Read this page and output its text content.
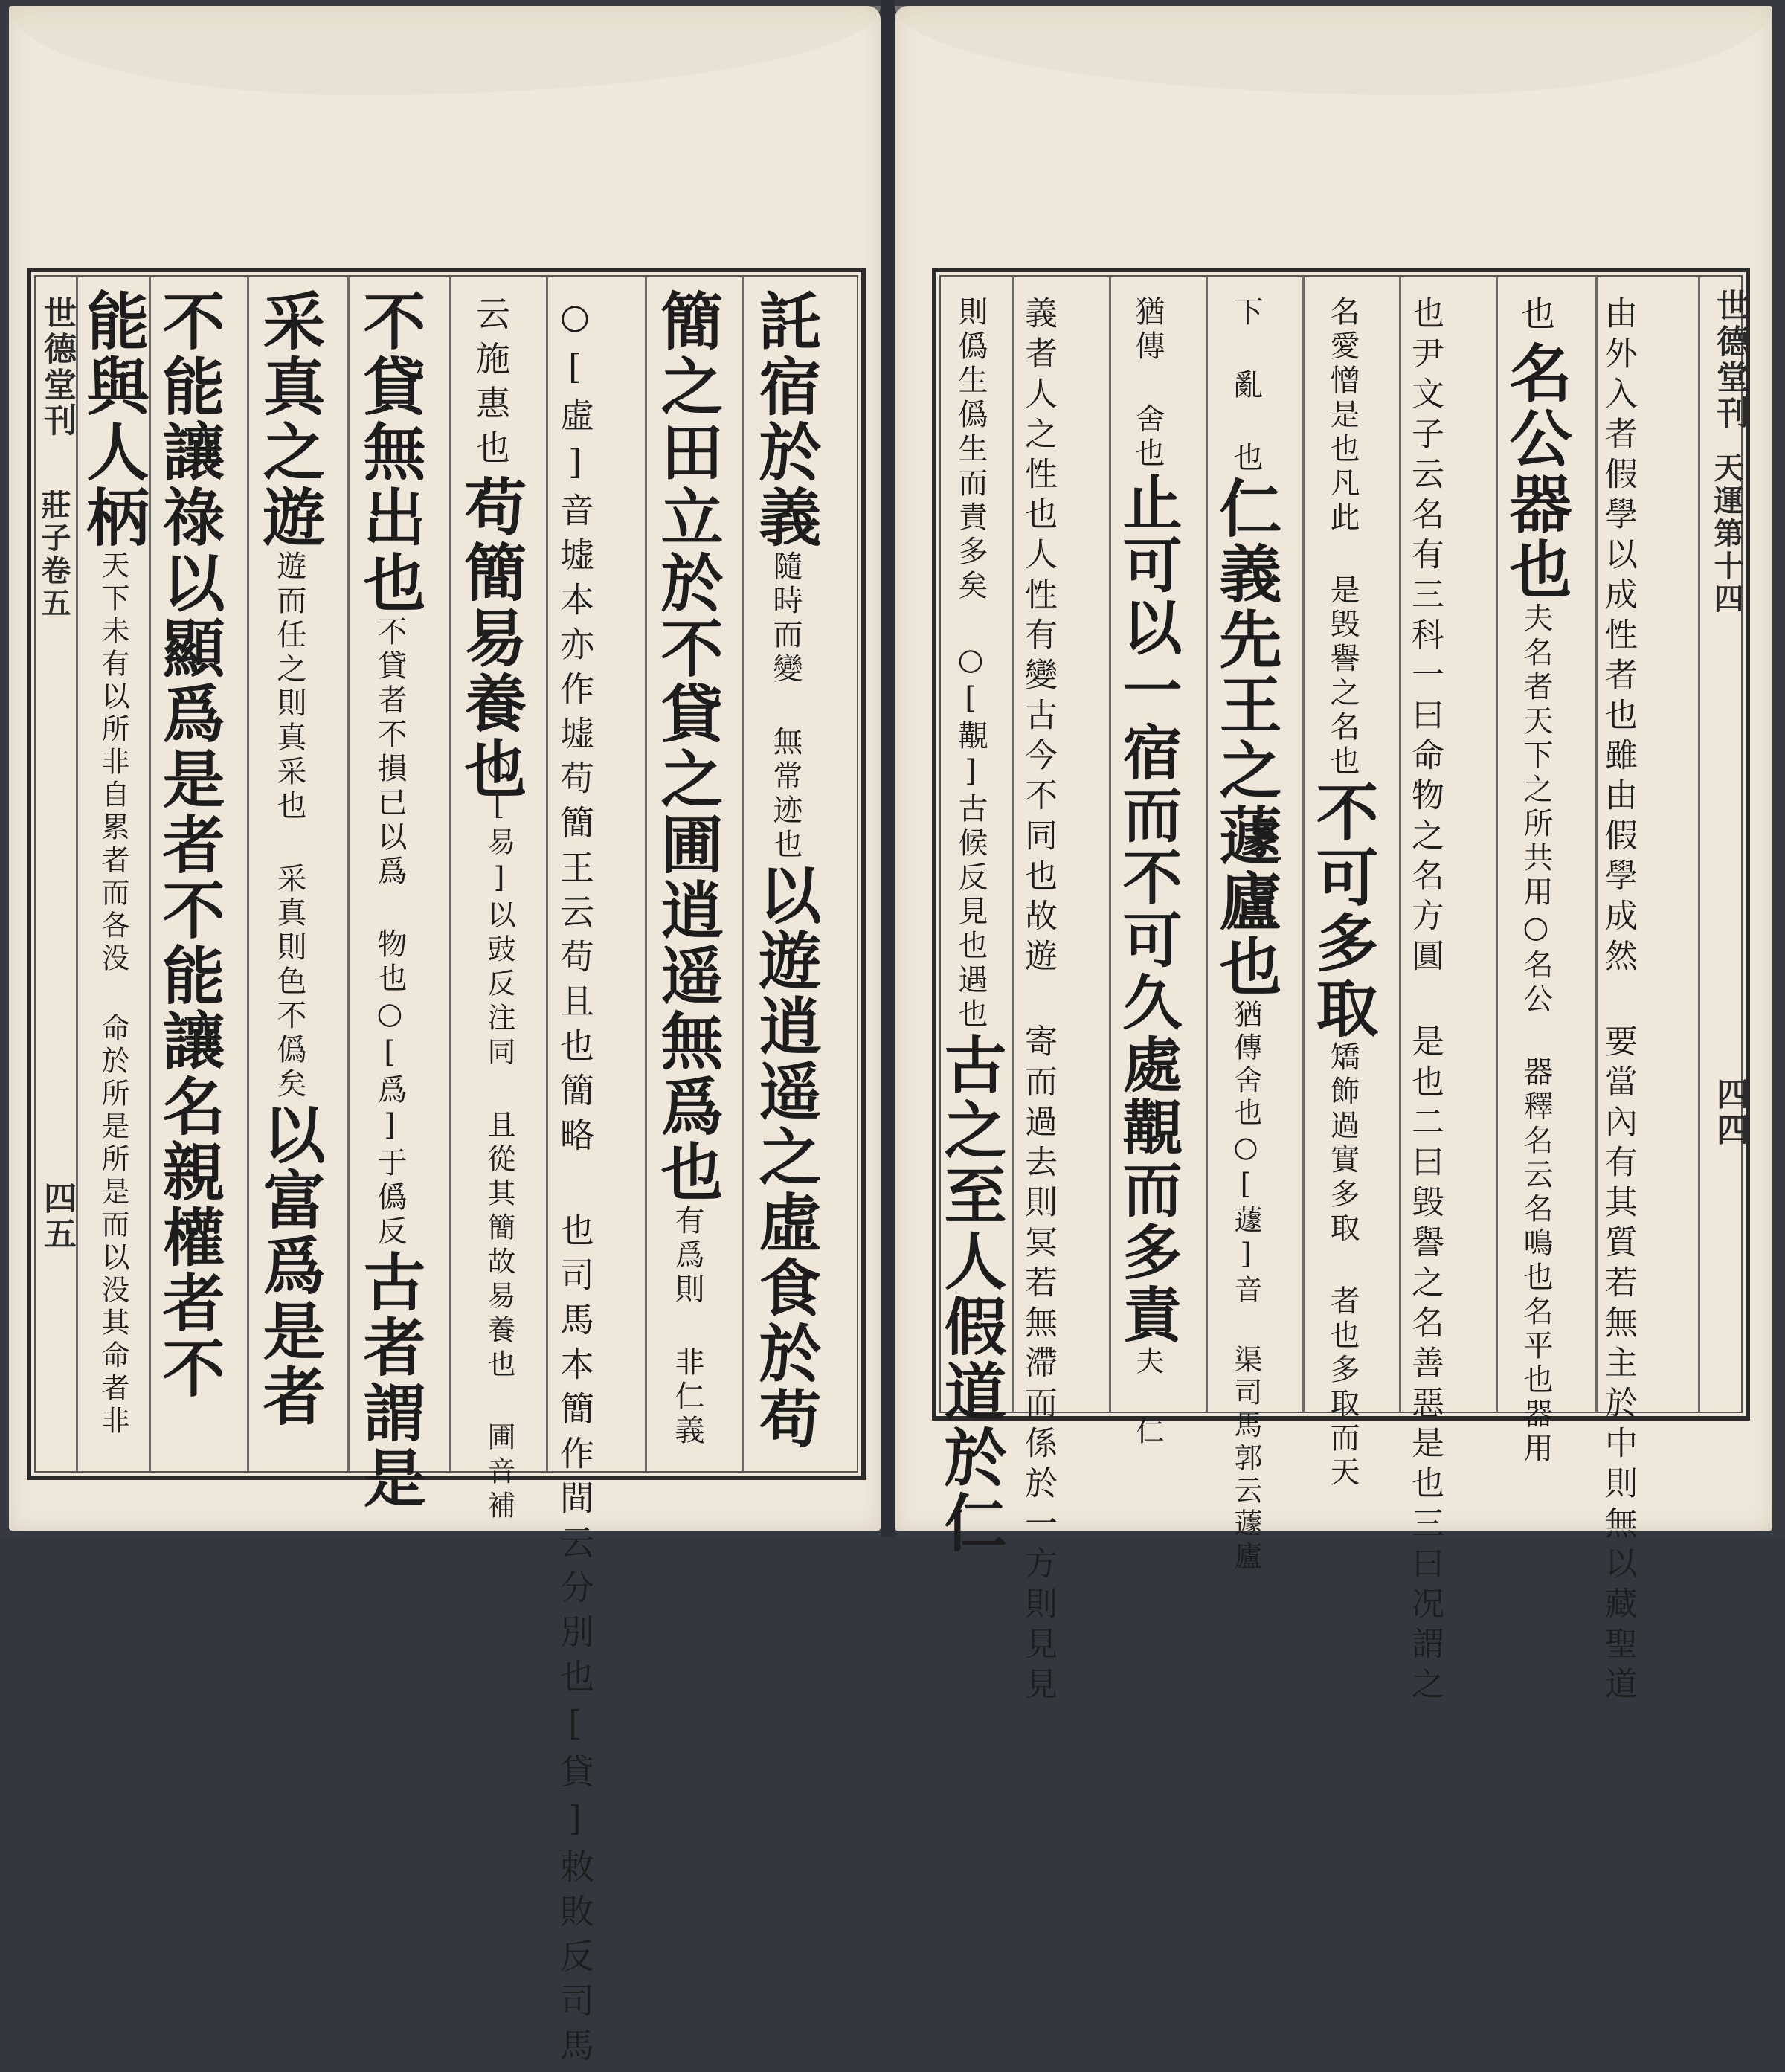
世德堂刊
莊子卷五
四五
託宿於義隨時而變 無常迹也以遊逍遥之虛食於苟
簡之田立於不貸之圃逍遥無爲也有爲則 非仁義
○[虛]音墟本亦作墟苟簡王云苟且也簡略 也司馬本簡作間云分別也[貸]敕敗反司馬
云施惠也苟簡易養也
○[易]以豉反注同 且從其簡故易養也 圃音補
不貸無出也不貸者不損已以爲 物也○[爲]于僞反古者謂是
采真之遊遊而任之則真采也 采真則色不僞矣以富爲是者
不能讓祿以顯爲是者不能讓名親權者不
能與人柄天下未有以所非自累者而各没 命於所是所是而以没其命者非
世德堂刊
天運第十四
四四
由外入者假學以成性者也雖由假學成然 要當內有其質若無主於中則無以藏聖道
也名公器也夫名者天下之所共用○名公 器釋名云名鳴也名平也器用
也尹文子云名有三科一曰命物之名方圓 是也二曰毁譽之名善惡是也三曰况謂之
名愛憎是也凡此 是毁譽之名也不可多取矯飾過實多取 者也多取而天
下 亂 也仁義先王之蘧廬也猶傳舍也○[蘧]音 渠司馬郭云蘧廬
猶傳 舍也止可以一宿而不可久處覯而多責夫 仁
義者人之性也人性有變古今不同也故遊 寄而過去則冥若無滯而係於一方則見見
則僞生僞生而責多矣 ○[覯]古候反見也遇也古之至人假道於仁
